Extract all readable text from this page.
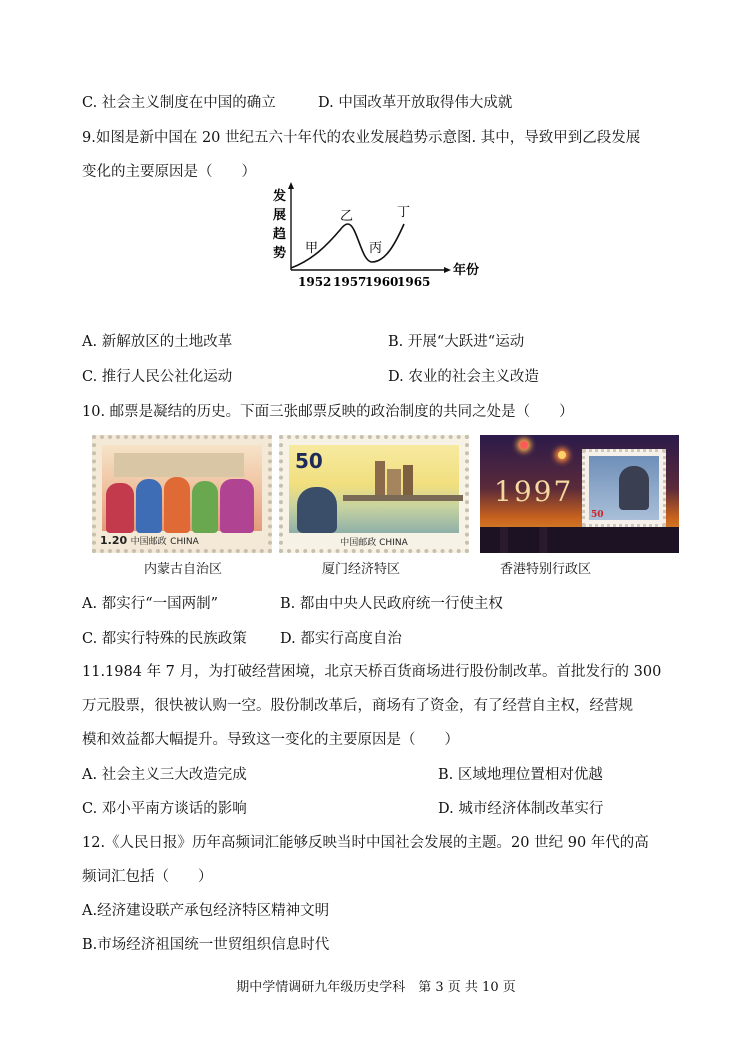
C. 社会主义制度在中国的确立	D. 中国改革开放取得伟大成就
9.如图是新中国在 20 世纪五六十年代的农业发展趋势示意图. 其中，导致甲到乙段发展
变化的主要原因是（　　）
发
展
趋
势
年份
甲
乙
丙
丁
1952 1957
1960
1965
A. 新解放区的土地改革	B. 开展“大跃进“运动
C. 推行人民公社化运动	D. 农业的社会主义改造
10. 邮票是凝结的历史。下面三张邮票反映的政治制度的共同之处是（　　）
1.20 中国邮政 CHINA
50
中国邮政 CHINA
1997
50
内蒙古自治区	厦门经济特区	香港特别行政区
A. 都实行“一国两制”	B. 都由中央人民政府统一行使主权
C. 都实行特殊的民族政策 D. 都实行高度自治
11.1984 年 7 月，为打破经营困境，北京天桥百货商场进行股份制改革。首批发行的 300
万元股票，很快被认购一空。股份制改革后，商场有了资金，有了经营自主权，经营规
模和效益都大幅提升。导致这一变化的主要原因是（　　）
A. 社会主义三大改造完成	B. 区域地理位置相对优越
C. 邓小平南方谈话的影响	D. 城市经济体制改革实行
12.《人民日报》历年高频词汇能够反映当时中国社会发展的主题。20 世纪 90 年代的高
频词汇包括（　　）
A.经济建设联产承包经济特区精神文明
B.市场经济祖国统一世贸组织信息时代
期中学情调研九年级历史学科　第 3 页 共 10 页
